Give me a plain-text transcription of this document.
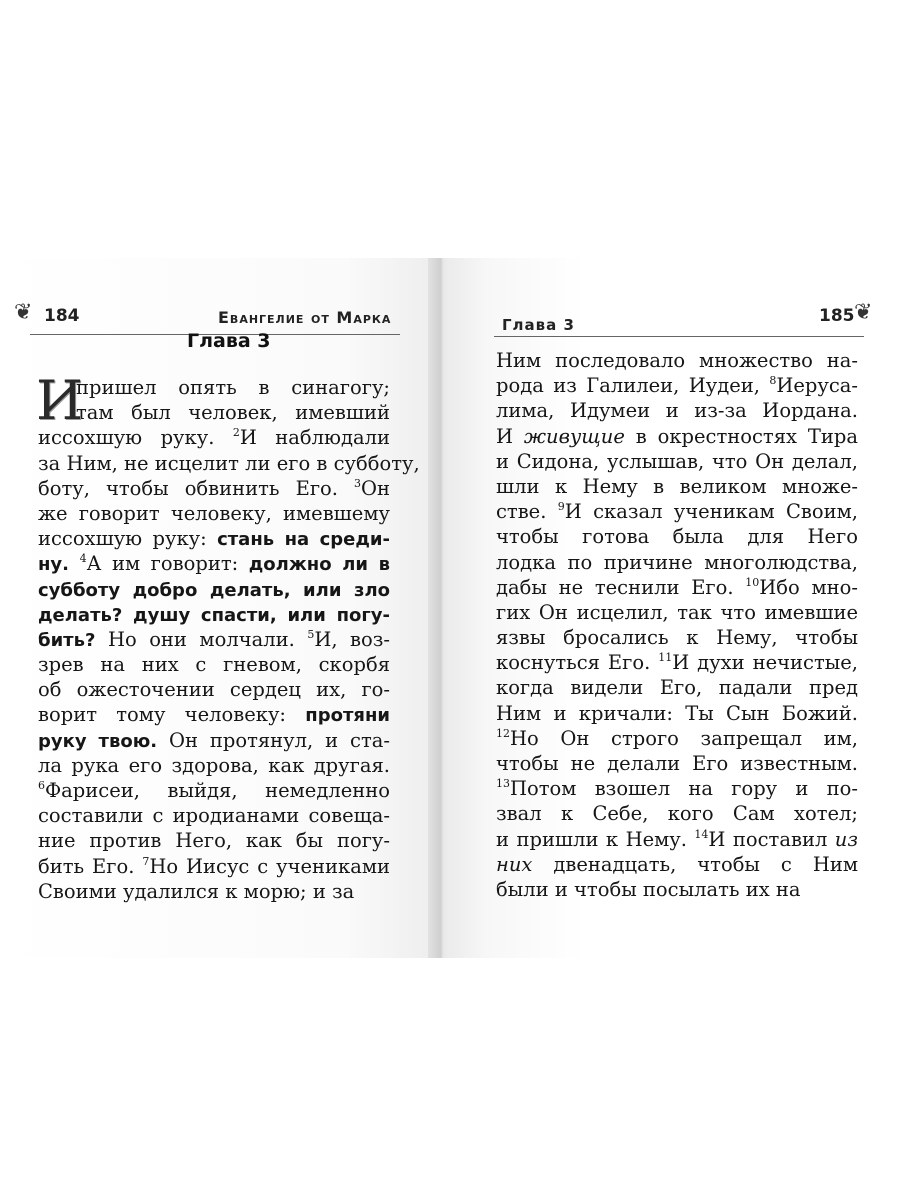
❦ 184	Евангелие от Марка
Глава 3
И
пришел опять в синагогу;
там был человек, имевший
иссохшую руку. $^2$И наблюдали
за Ним, не исцелит ли его в субботу,
боту, чтобы обвинить Его. $^3$Он
же говорит человеку, имевшему
иссохшую руку: стань на среди-
ну. $^4$А им говорит: должно ли в
субботу добро делать, или зло
делать? душу спасти, или погу-
бить? Но они молчали. $^5$И, воз-
зрев на них с гневом, скорбя
об ожесточении сердец их, го-
ворит тому человеку: протяни
руку твою. Он протянул, и ста-
ла рука его здорова, как другая.
$^6$Фарисеи, выйдя, немедленно
составили с иродианами совеща-
ние против Него, как бы погу-
бить Его. $^7$Но Иисус с учениками
Своими удалился к морю; и за
Глава 3	185 ❦
Ним последовало множество на-
рода из Галилеи, Иудеи, $^8$Иерусa-
лима, Идумеи и из-за Иордана.
И живущие в окрестностях Тира
и Сидона, услышав, что Он делал,
шли к Нему в великом множе-
стве. $^9$И сказал ученикам Своим,
чтобы готова была для Него
лодка по причине многолюдства,
дабы не теснили Его. $^{10}$Ибо мно-
гих Он исцелил, так что имевшие
язвы бросались к Нему, чтобы
коснуться Его. $^{11}$И духи нечистые,
когда видели Его, падали пред
Ним и кричали: Ты Сын Божий.
$^{12}$Но Он строго запрещал им,
чтобы не делали Его известным.
$^{13}$Потом взошел на гору и по-
звал к Себе, кого Сам хотел;
и пришли к Нему. $^{14}$И поставил из
них двенадцать, чтобы с Ним
были и чтобы посылать их на
